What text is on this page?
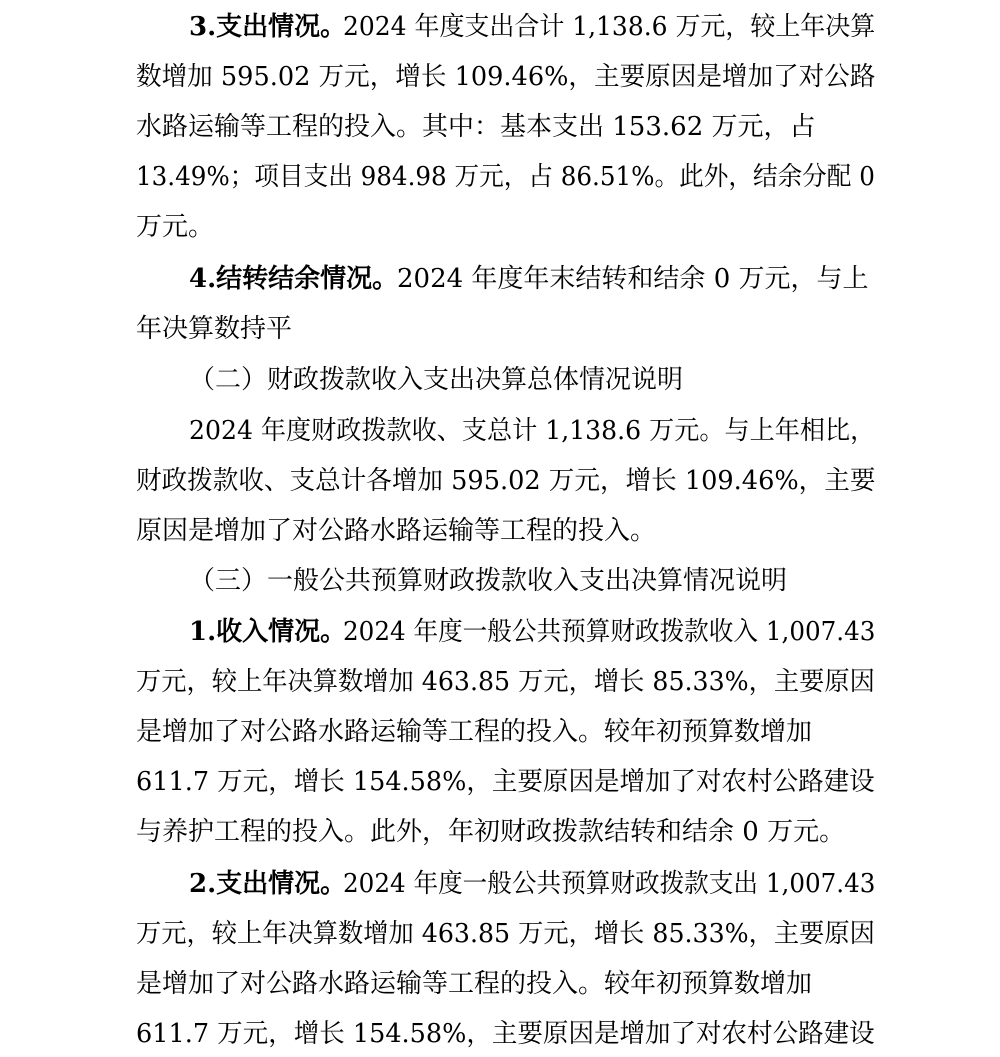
3.支出情况。

2024 年度支出合计 1,138.6 万元，较上年决算

数增加 595.02 万元，增长 109.46%，主要原因是增加了对公路

水路运输等工程的投入。其中：基本支出 153.62 万元，占

13.49%；项目支出 984.98 万元，占 86.51%。此外，结余分配 0

万元。

4.结转结余情况。

2024 年度年末结转和结余 0 万元，与上

年决算数持平

（二）财政拨款收入支出决算总体情况说明

2024 年度财政拨款收、支总计 1,138.6 万元。与上年相比，

财政拨款收、支总计各增加 595.02 万元，增长 109.46%，主要

原因是增加了对公路水路运输等工程的投入。

（三）一般公共预算财政拨款收入支出决算情况说明

1.收入情况。

2024 年度一般公共预算财政拨款收入 1,007.43

万元，较上年决算数增加 463.85 万元，增长 85.33%，主要原因

是增加了对公路水路运输等工程的投入。较年初预算数增加

611.7 万元，增长 154.58%，主要原因是增加了对农村公路建设

与养护工程的投入。此外，年初财政拨款结转和结余 0 万元。

2.支出情况。

2024 年度一般公共预算财政拨款支出 1,007.43

万元，较上年决算数增加 463.85 万元，增长 85.33%，主要原因

是增加了对公路水路运输等工程的投入。较年初预算数增加

611.7 万元，增长 154.58%，主要原因是增加了对农村公路建设
